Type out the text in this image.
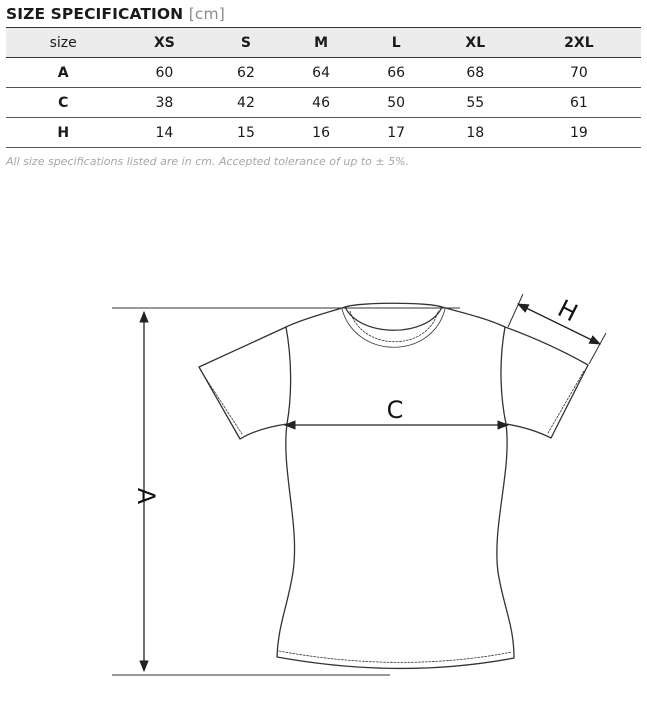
SIZE SPECIFICATION [cm]
size	XS	S	M	L	XL	2XL
A	60	62	64	66	68	70
C	38	42	46	50	55	61
H	14	15	16	17	18	19
All size specifications listed are in cm. Accepted tolerance of up to ± 5%.
A
C
H
